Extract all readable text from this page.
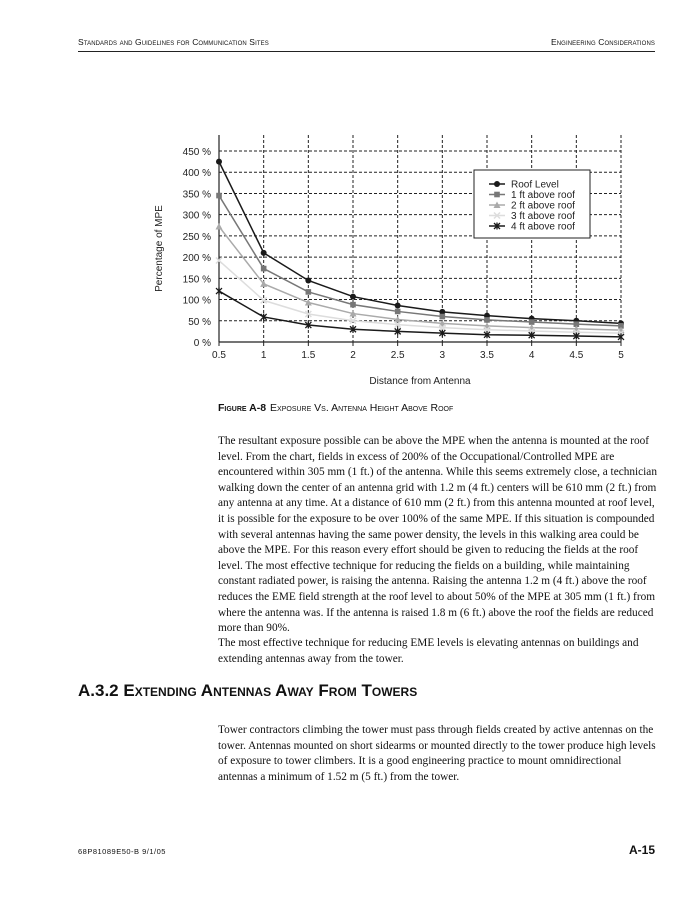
Standards and Guidelines for Communication Sites	Engineering Considerations
0 %
50 %
100 %
150 %
200 %
250 %
300 %
350 %
400 %
450 %
0.5	1	1.5	2	2.5	3	3.5	4	4.5	5
Distance from Antenna
Percentage of MPE
Roof Level
1 ft above roof
2 ft above roof
3 ft above roof
4 ft above roof
Figure A-8 Exposure Vs. Antenna Height Above Roof
The resultant exposure possible can be above the MPE when the antenna is mounted at the roof level. From the chart, fields in excess of 200% of the Occupational/Controlled MPE are encountered within 305 mm (1 ft.) of the antenna. While this seems extremely close, a technician walking down the center of an antenna grid with 1.2 m (4 ft.) centers will be 610 mm (2 ft.) from any antenna at any time. At a distance of 610 mm (2 ft.) from this antenna mounted at roof level, it is possible for the exposure to be over 100% of the same MPE. If this situation is compounded with several antennas having the same power density, the levels in this walking area could be above the MPE. For this reason every effort should be given to reducing the fields at the roof level. The most effective technique for reducing the fields on a building, while maintaining constant radiated power, is raising the antenna. Raising the antenna 1.2 m (4 ft.) above the roof reduces the EME field strength at the roof level to about 50% of the MPE at 305 mm (1 ft.) from where the antenna was. If the antenna is raised 1.8 m (6 ft.) above the roof the fields are reduced more than 90%.
The most effective technique for reducing EME levels is elevating antennas on buildings and extending antennas away from the tower.
A.3.2 Extending Antennas Away From Towers
Tower contractors climbing the tower must pass through fields created by active antennas on the tower. Antennas mounted on short sidearms or mounted directly to the tower produce high levels of exposure to tower climbers. It is a good engineering practice to mount omnidirectional antennas a minimum of 1.52 m (5 ft.) from the tower.
68P81089E50-B 9/1/05	A-15
